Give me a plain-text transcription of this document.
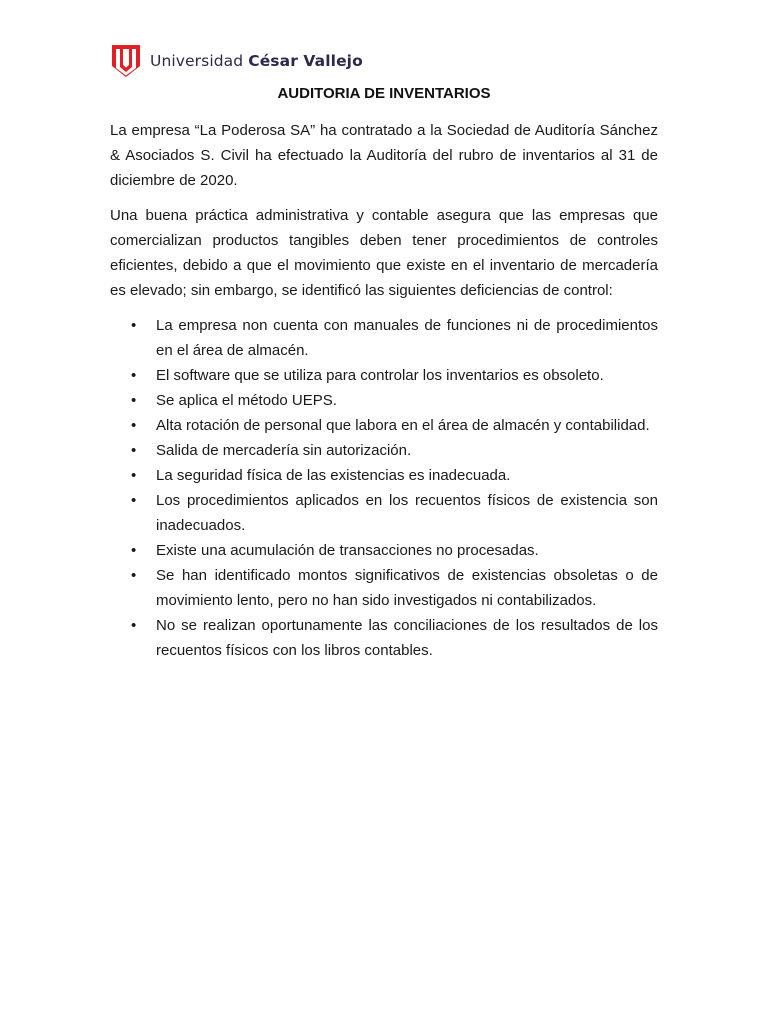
Universidad César Vallejo
AUDITORIA DE INVENTARIOS

La empresa “La Poderosa SA” ha contratado a la Sociedad de Auditoría Sánchez & Asociados S. Civil ha efectuado la Auditoría del rubro de inventarios al 31 de diciembre de 2020.

Una buena práctica administrativa y contable asegura que las empresas que comercializan productos tangibles deben tener procedimientos de controles eficientes, debido a que el movimiento que existe en el inventario de mercadería es elevado; sin embargo, se identificó las siguientes deficiencias de control:

• La empresa non cuenta con manuales de funciones ni de procedimientos en el área de almacén.
• El software que se utiliza para controlar los inventarios es obsoleto.
• Se aplica el método UEPS.
• Alta rotación de personal que labora en el área de almacén y contabilidad.
• Salida de mercadería sin autorización.
• La seguridad física de las existencias es inadecuada.
• Los procedimientos aplicados en los recuentos físicos de existencia son inadecuados.
• Existe una acumulación de transacciones no procesadas.
• Se han identificado montos significativos de existencias obsoletas o de movimiento lento, pero no han sido investigados ni contabilizados.
• No se realizan oportunamente las conciliaciones de los resultados de los recuentos físicos con los libros contables.
